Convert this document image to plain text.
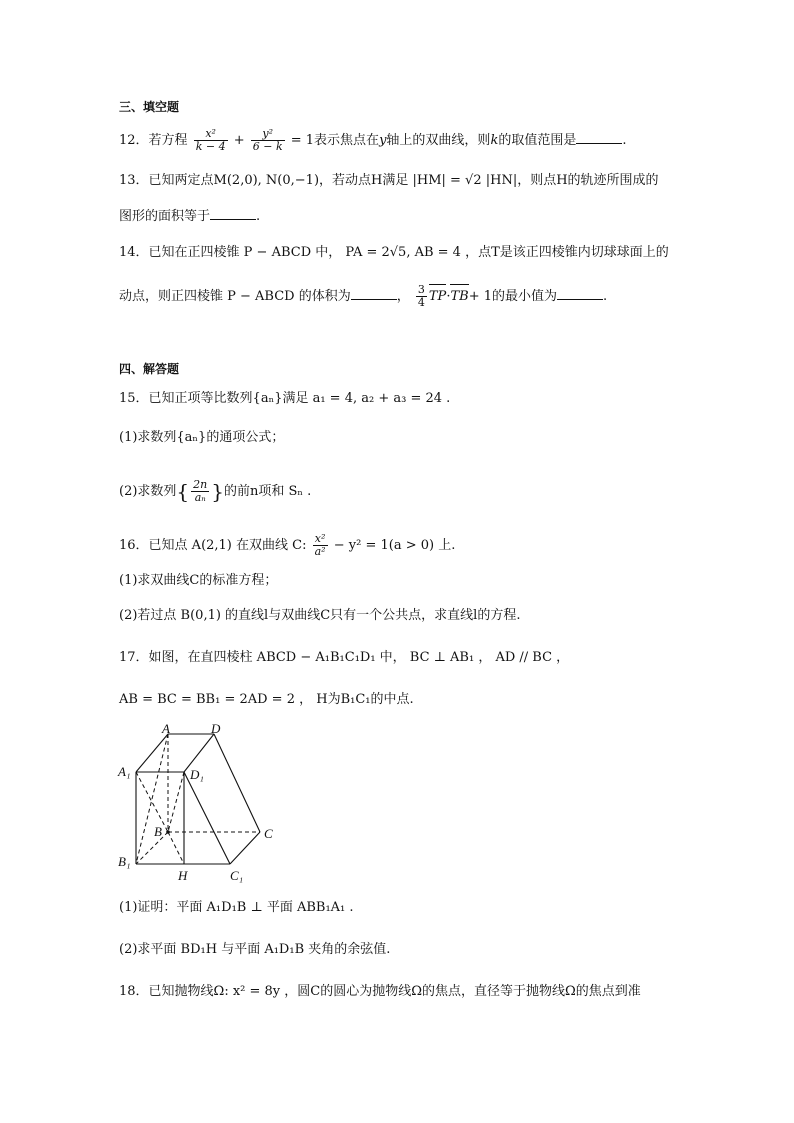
三、填空题
12．若方程 $\frac{\text{x²}}{k - 4} + \frac{\text{y²}}{6 - k} = 1$表示焦点在y轴上的双曲线，则k的取值范围是	.
13．已知两定点M(2,0), N(0,−1)，若动点H满足 |HM| = √2 |HN|，则点H的轨迹所围成的
图形的面积等于	.
14．已知在正四棱锥 P − ABCD 中， PA = 2√5, AB = 4 ，点T是该正四棱锥内切球球面上的
动点，则正四棱锥 P − ABCD 的体积为	， $\frac{3}{4} TP\cdot TB+ 1$的最小值为	.
四、解答题
15．已知正项等比数列{aₙ}满足 a₁ = 4, a₂ + a₃ = 24 .
(1)求数列{aₙ}的通项公式；
(2)求数列{ $\frac{2n}{\text{aₙ}}$ }的前n项和 Sₙ .
16．已知点 A(2,1) 在双曲线 C: $\frac{\text{x²}}{\text{a²}} - y^2 = 1(a > 0)$ 上.
(1)求双曲线C的标准方程；
(2)若过点 B(0,1) 的直线l与双曲线C只有一个公共点，求直线l的方程.
17．如图，在直四棱柱 ABCD − A₁B₁C₁D₁ 中， BC ⊥ AB₁ ， AD // BC ，
AB = BC = BB₁ = 2AD = 2 ， H为B₁C₁的中点.
A	D
A₁	D₁
B	C
B₁
H	C₁
(1)证明：平面 A₁D₁B ⊥ 平面 ABB₁A₁ .
(2)求平面 BD₁H 与平面 A₁D₁B 夹角的余弦值.
18．已知抛物线Ω: x² = 8y ，圆C的圆心为抛物线Ω的焦点，直径等于抛物线Ω的焦点到准
